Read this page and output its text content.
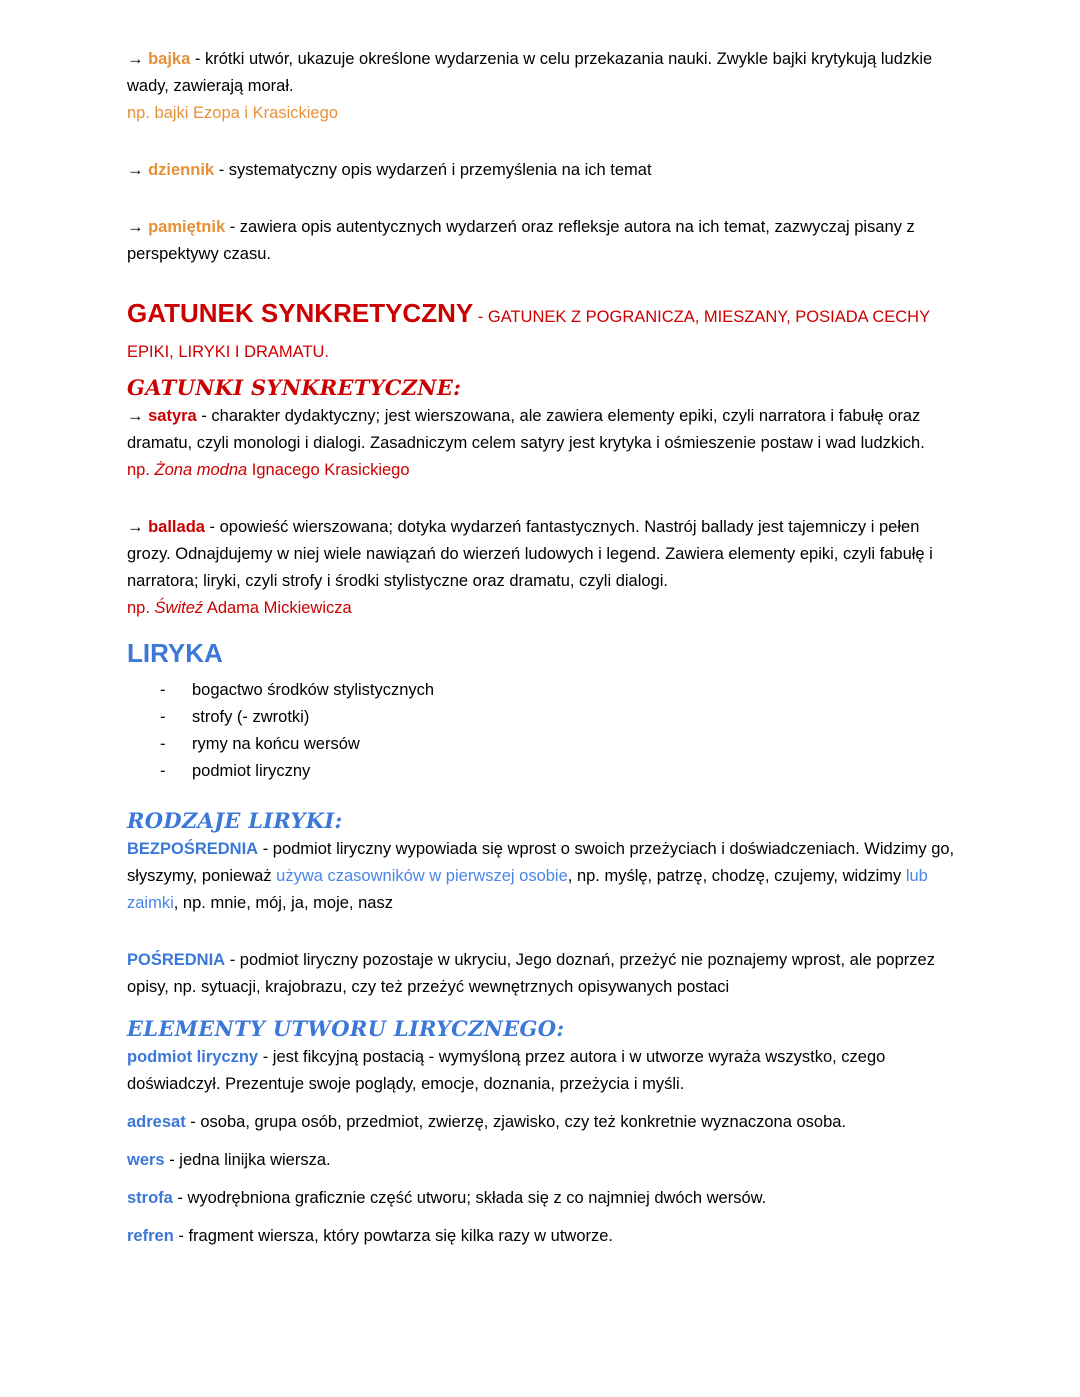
→ bajka - krótki utwór, ukazuje określone wydarzenia w celu przekazania nauki. Zwykle bajki krytykują ludzkie wady, zawierają morał.
np. bajki Ezopa i Krasickiego

→ dziennik - systematyczny opis wydarzeń i przemyślenia na ich temat

→ pamiętnik - zawiera opis autentycznych wydarzeń oraz refleksje autora na ich temat, zazwyczaj pisany z perspektywy czasu.

GATUNEK SYNKRETYCZNY - GATUNEK Z POGRANICZA, MIESZANY, POSIADA CECHY EPIKI, LIRYKI I DRAMATU.
GATUNKI SYNKRETYCZNE:

→ satyra - charakter dydaktyczny; jest wierszowana, ale zawiera elementy epiki, czyli narratora i fabułę oraz dramatu, czyli monologi i dialogi. Zasadniczym celem satyry jest krytyka i ośmieszenie postaw i wad ludzkich.
np. Żona modna Ignacego Krasickiego

→ ballada - opowieść wierszowana; dotyka wydarzeń fantastycznych. Nastrój ballady jest tajemniczy i pełen grozy. Odnajdujemy w niej wiele nawiązań do wierzeń ludowych i legend. Zawiera elementy epiki, czyli fabułę i narratora; liryki, czyli strofy i środki stylistyczne oraz dramatu, czyli dialogi.
np. Świteź Adama Mickiewicza

LIRYKA
-	bogactwo środków stylistycznych
-	strofy (- zwrotki)
-	rymy na końcu wersów
-	podmiot liryczny
RODZAJE LIRYKI:

BEZPOŚREDNIA - podmiot liryczny wypowiada się wprost o swoich przeżyciach i doświadczeniach. Widzimy go, słyszymy, ponieważ używa czasowników w pierwszej osobie, np. myślę, patrzę, chodzę, czujemy, widzimy lub zaimki, np. mnie, mój, ja, moje, nasz

POŚREDNIA - podmiot liryczny pozostaje w ukryciu, Jego doznań, przeżyć nie poznajemy wprost, ale poprzez opisy, np. sytuacji, krajobrazu, czy też przeżyć wewnętrznych opisywanych postaci

ELEMENTY UTWORU LIRYCZNEGO:

podmiot liryczny - jest fikcyjną postacią - wymyśloną przez autora i w utworze wyraża wszystko, czego doświadczył. Prezentuje swoje poglądy, emocje, doznania, przeżycia i myśli.

adresat - osoba, grupa osób, przedmiot, zwierzę, zjawisko, czy też konkretnie wyznaczona osoba.

wers - jedna linijka wiersza.

strofa - wyodrębniona graficznie część utworu; składa się z co najmniej dwóch wersów.

refren - fragment wiersza, który powtarza się kilka razy w utworze.
